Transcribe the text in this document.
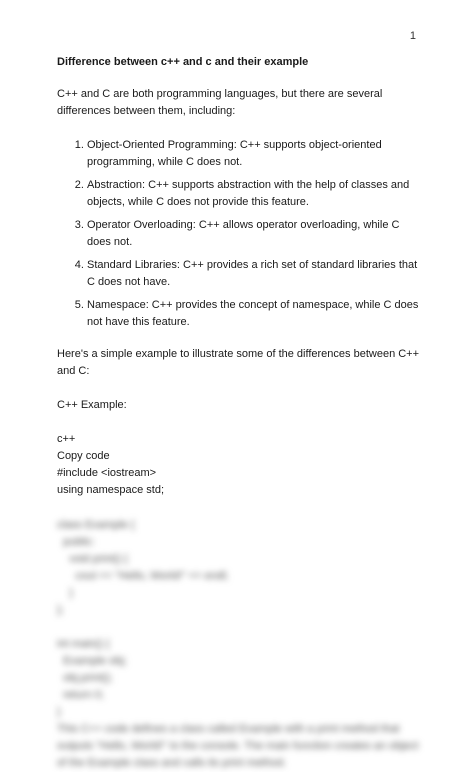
1

Difference between c++ and c and their example

C++ and C are both programming languages, but there are several differences between them, including:

1. Object-Oriented Programming: C++ supports object-oriented programming, while C does not.
2. Abstraction: C++ supports abstraction with the help of classes and objects, while C does not provide this feature.
3. Operator Overloading: C++ allows operator overloading, while C does not.
4. Standard Libraries: C++ provides a rich set of standard libraries that C does not have.
5. Namespace: C++ provides the concept of namespace, while C does not have this feature.

Here's a simple example to illustrate some of the differences between C++ and C:

C++ Example:

c++

Copy code

#include <iostream>

using namespace std;

class Example {

public:

void print() {

cout << "Hello, World!" << endl;

}

};

int main() {

Example obj;

obj.print();

return 0;

}

This C++ code defines a class called Example with a print method that outputs "Hello, World!" to the console. The main function creates an object of the Example class and calls its print method.
